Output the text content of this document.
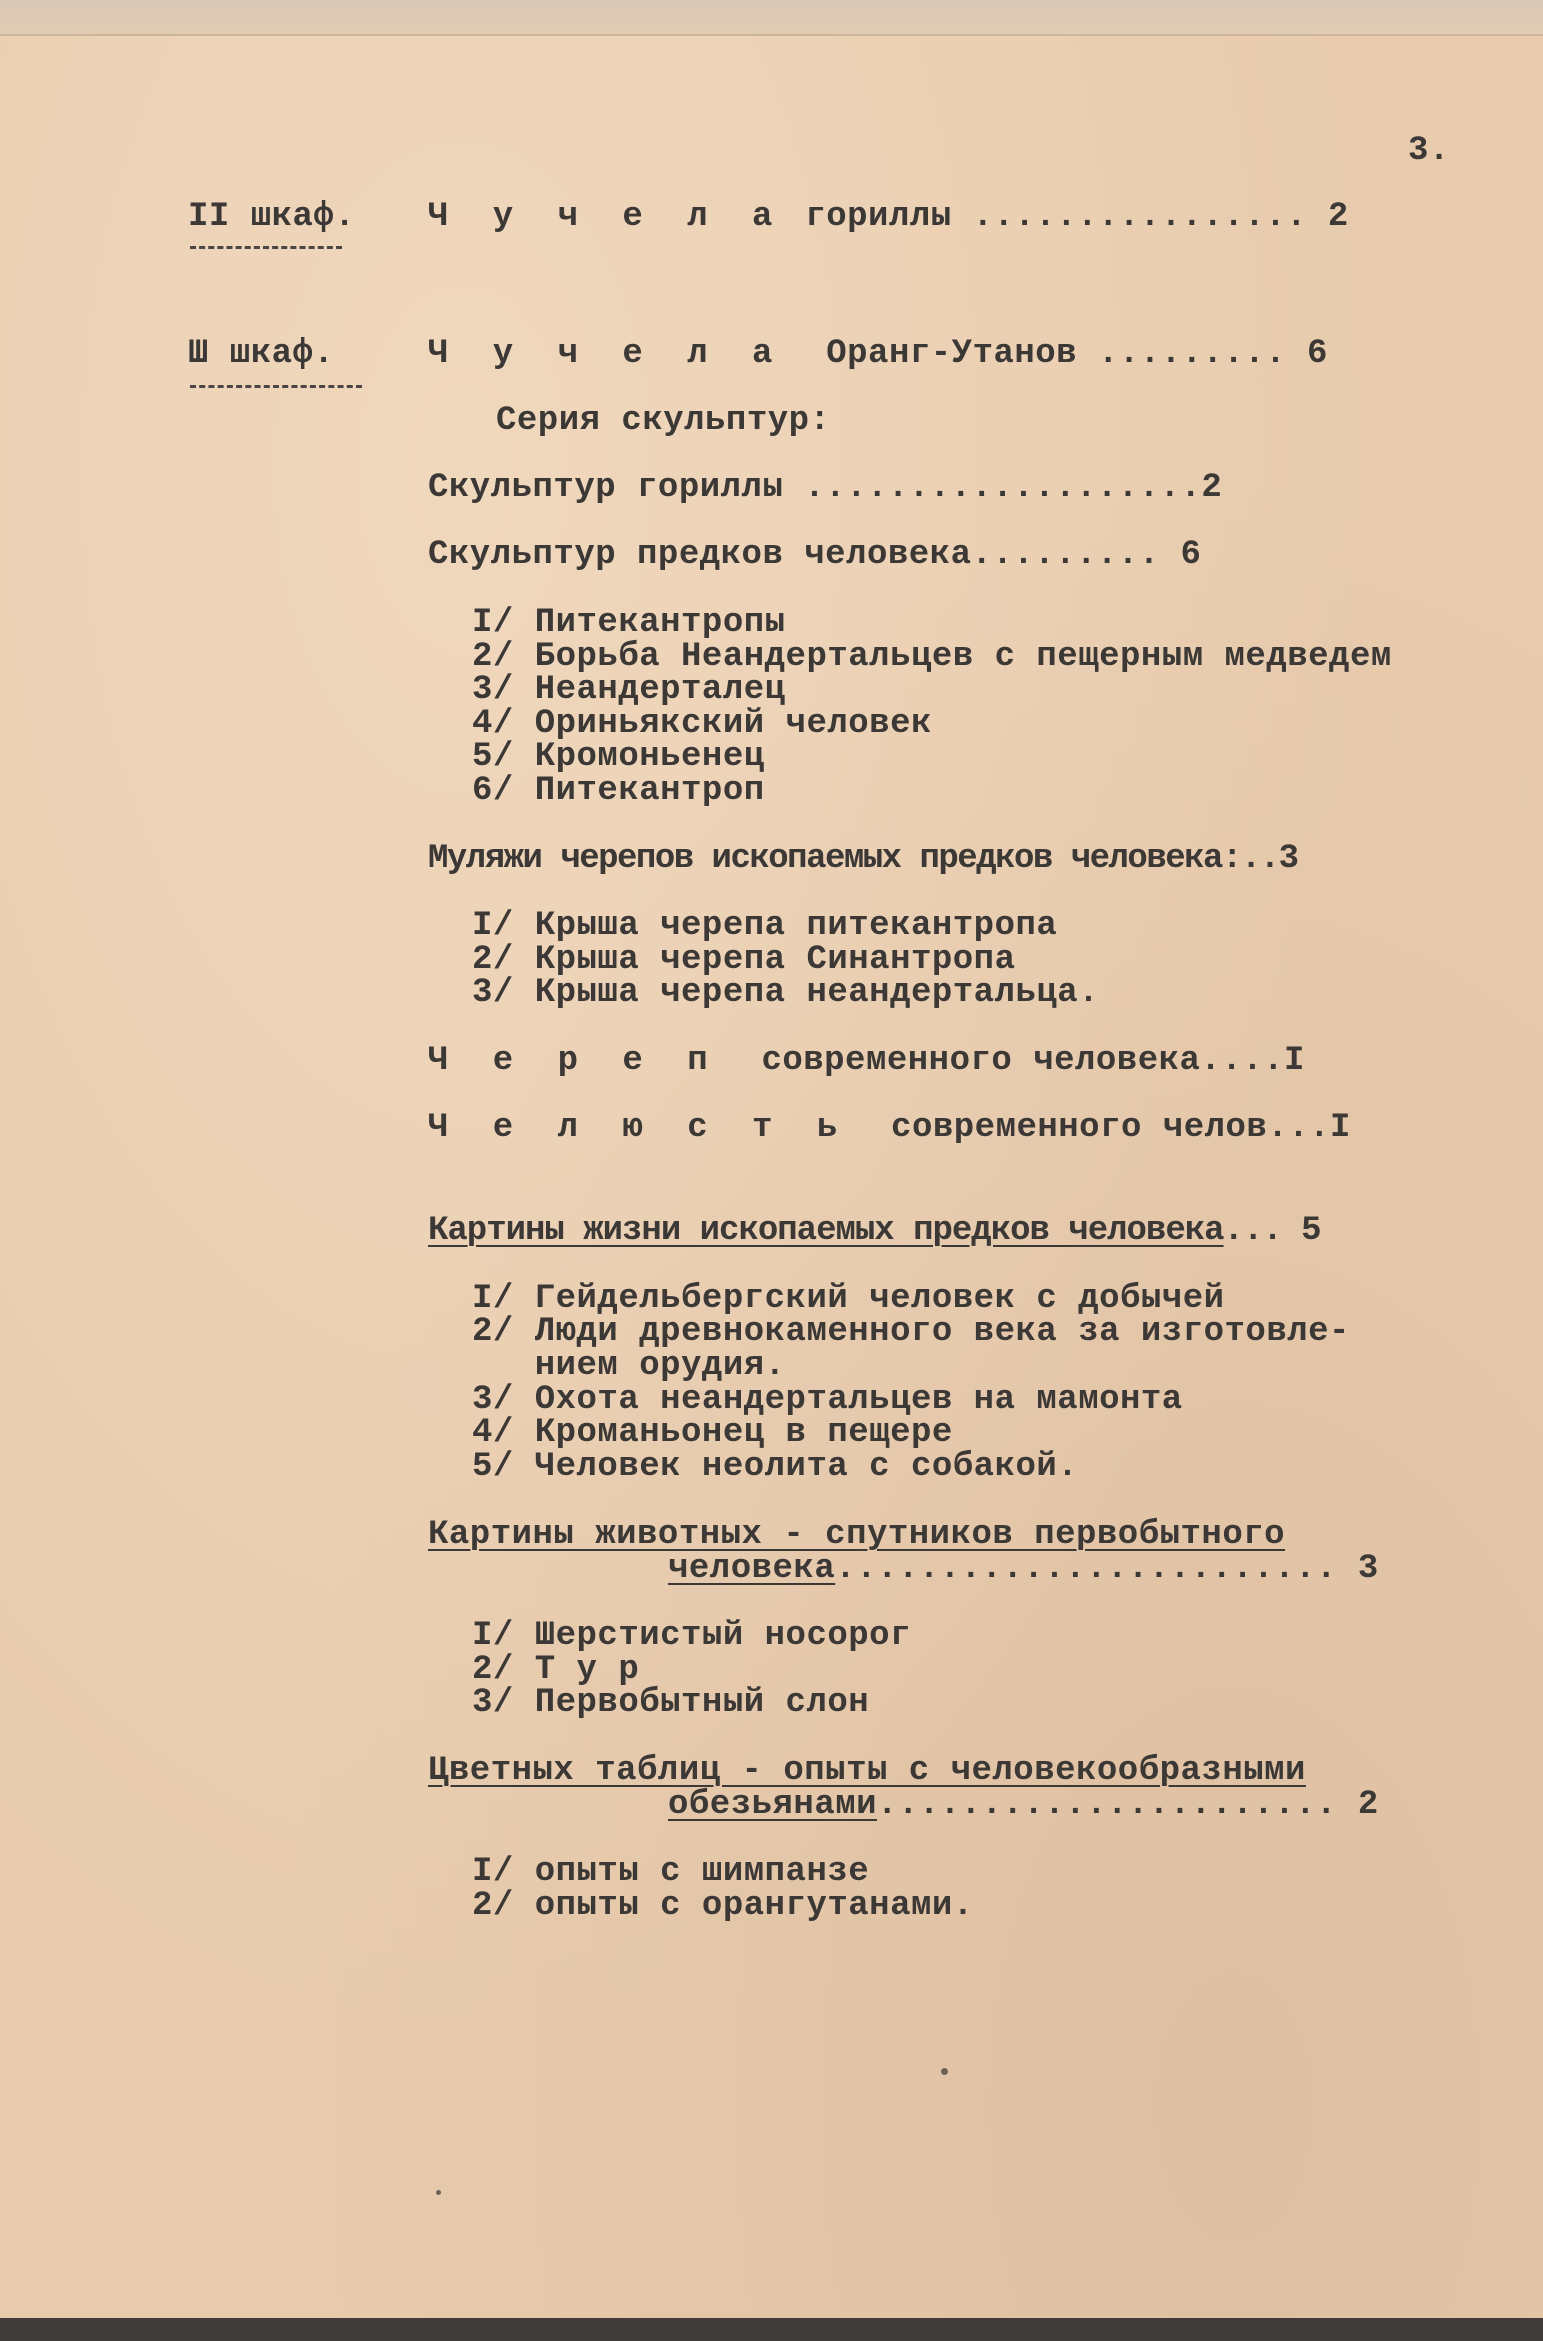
3.
II шкаф. Ч у ч е л а гориллы ................ 2
Ш шкаф.	Ч у ч е л а  Оранг-Утанов ......... 6
Серия скульптур:
Скульптур гориллы ...................2
Скульптур предков человека......... 6
I/ Питекантропы
2/ Борьба Неандертальцев с пещерным медведем
3/ Неандерталец
4/ Ориньякский человек
5/ Кромоньенец
6/ Питекантроп
Муляжи черепов ископаемых предков человека:..3
I/ Крыша черепа питекантропа
2/ Крыша черепа Синантропа
3/ Крыша черепа неандертальца.
Ч е р е п  современного человека....I
Ч е л ю с т ь  современного челов...I
Картины жизни ископаемых предков человека... 5
I/ Гейдельбергский человек с добычей
2/ Люди древнокаменного века за изготовле-
нием орудия.
3/ Охота неандертальцев на мамонта
4/ Кроманьонец в пещере
5/ Человек неолита с собакой.
Картины животных - спутников первобытного
человека........................ 3
I/ Шерстистый носорог
2/ Т у р
3/ Первобытный слон
Цветных таблиц - опыты с человекообразными
обезьянами...................... 2
I/ опыты с шимпанзе
2/ опыты с орангутанами.
